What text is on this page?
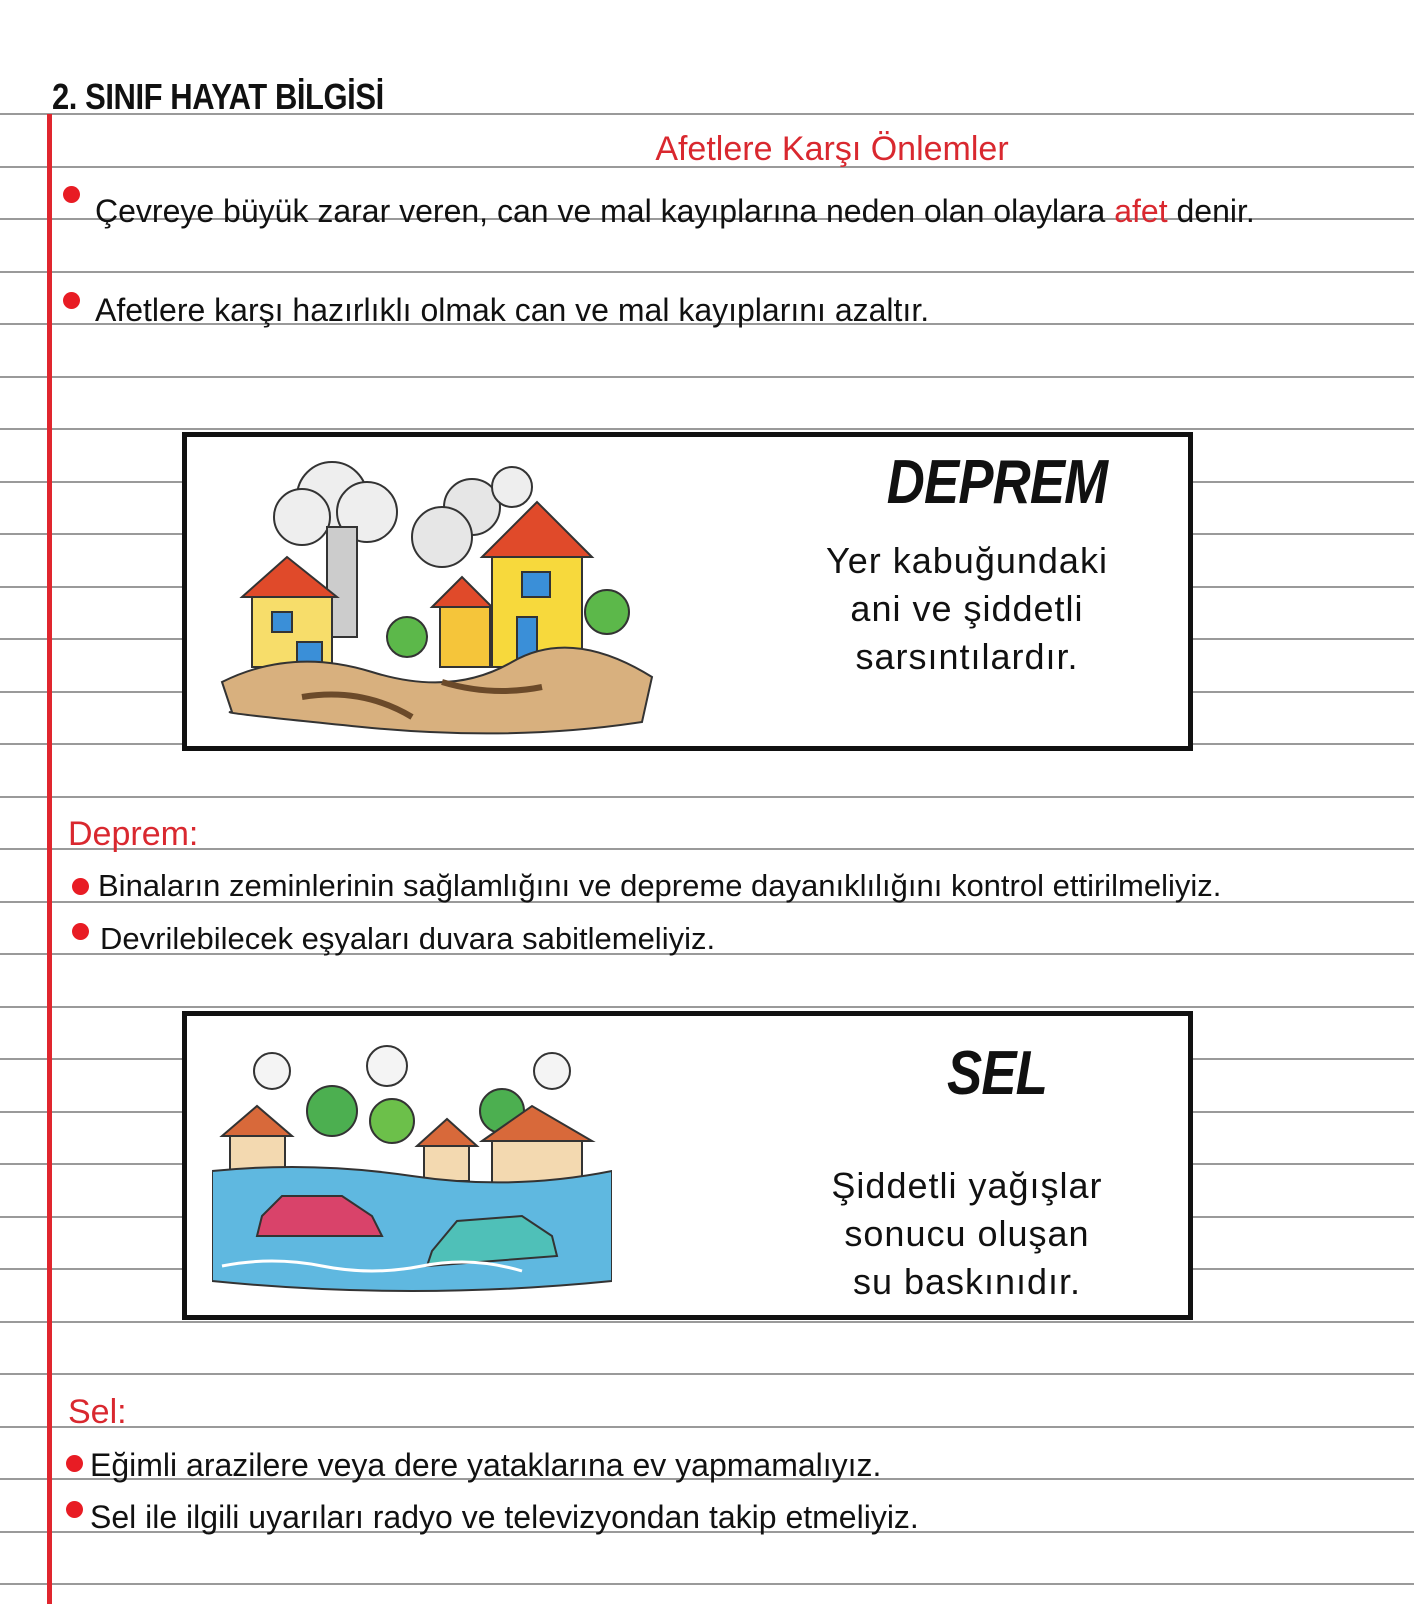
2. SINIF HAYAT BİLGİSİ
Afetlere Karşı Önlemler
Çevreye büyük zarar veren, can ve mal kayıplarına neden olan olaylara afet denir.
Afetlere karşı hazırlıklı olmak can ve mal kayıplarını azaltır.
DEPREM
Yer kabuğundaki
ani ve şiddetli
sarsıntılardır.
Deprem:
Binaların zeminlerinin sağlamlığını ve depreme dayanıklılığını kontrol ettirilmeliyiz.
Devrilebilecek eşyaları duvara sabitlemeliyiz.
SEL
Şiddetli yağışlar
sonucu oluşan
su baskınıdır.
Sel:
Eğimli arazilere veya dere yataklarına ev yapmamalıyız.
Sel ile ilgili uyarıları radyo ve televizyondan takip etmeliyiz.
